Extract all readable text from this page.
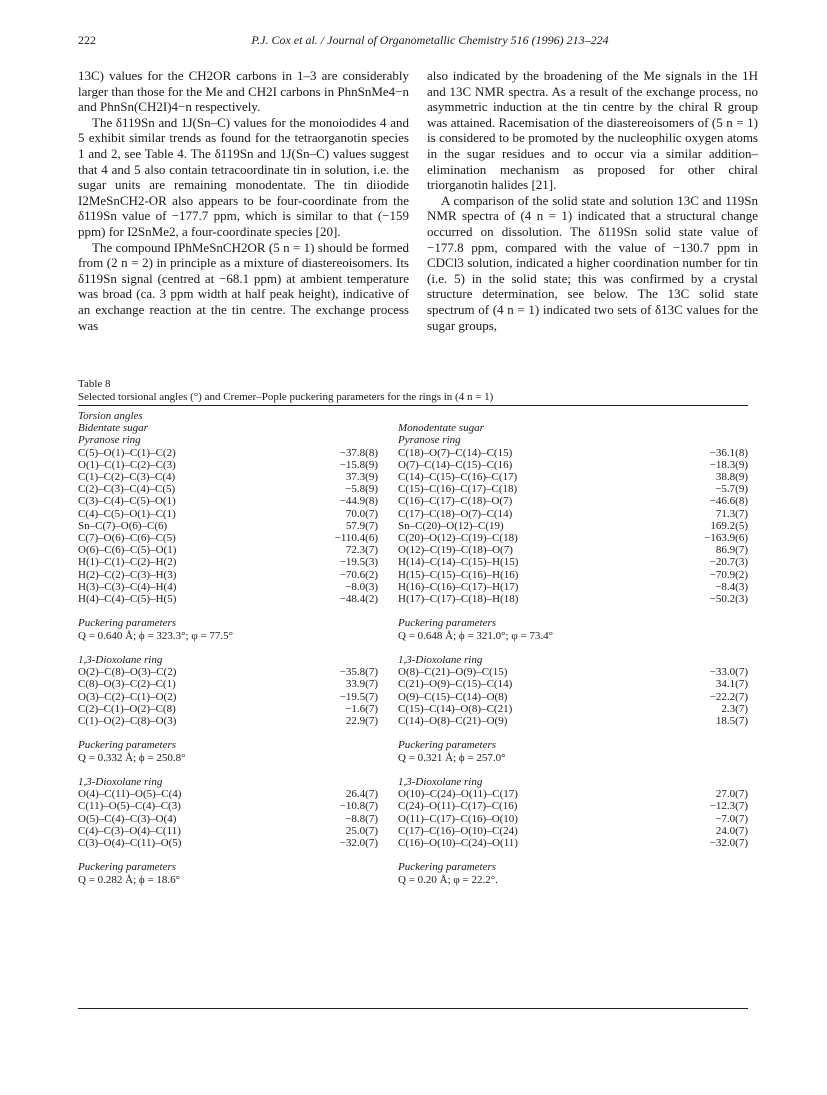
222	P.J. Cox et al. / Journal of Organometallic Chemistry 516 (1996) 213–224

13C) values for the CH2OR carbons in 1–3 are considerably larger than those for the Me and CH2I carbons in PhnSnMe4−n and PhnSn(CH2I)4−n respectively.

The δ119Sn and 1J(Sn–C) values for the monoiodides 4 and 5 exhibit similar trends as found for the tetraorganotin species 1 and 2, see Table 4. The δ119Sn and 1J(Sn–C) values suggest that 4 and 5 also contain tetracoordinate tin in solution, i.e. the sugar units are remaining monodentate. The tin diiodide I2MeSnCH2-OR also appears to be four-coordinate from the δ119Sn value of −177.7 ppm, which is similar to that (−159 ppm) for I2SnMe2, a four-coordinate species [20].

The compound IPhMeSnCH2OR (5 n = 1) should be formed from (2 n = 2) in principle as a mixture of diastereoisomers. Its δ119Sn signal (centred at −68.1 ppm) at ambient temperature was broad (ca. 3 ppm width at half peak height), indicative of an exchange reaction at the tin centre. The exchange process was

also indicated by the broadening of the Me signals in the 1H and 13C NMR spectra. As a result of the exchange process, no asymmetric induction at the tin centre by the chiral R group was attained. Racemisation of the diastereoisomers of (5 n = 1) is considered to be promoted by the nucleophilic oxygen atoms in the sugar residues and to occur via a similar addition–elimination mechanism as proposed for other chiral triorganotin halides [21].

A comparison of the solid state and solution 13C and 119Sn NMR spectra of (4 n = 1) indicated that a structural change occurred on dissolution. The δ119Sn solid state value of −177.8 ppm, compared with the value of −130.7 ppm in CDCl3 solution, indicated a higher coordination number for tin (i.e. 5) in the solid state; this was confirmed by a crystal structure determination, see below. The 13C solid state spectrum of (4 n = 1) indicated two sets of δ13C values for the sugar groups,

Table 8
Selected torsional angles (°) and Cremer–Pople puckering parameters for the rings in (4 n = 1)
Torsion angles
Bidentate sugar
Pyranose ring
C(5)–O(1)–C(1)–C(2)	−37.8(8)
O(1)–C(1)–C(2)–C(3)	−15.8(9)
C(1)–C(2)–C(3)–C(4)	37.3(9)
C(2)–C(3)–C(4)–C(5)	−5.8(9)
C(3)–C(4)–C(5)–O(1)	−44.9(8)
C(4)–C(5)–O(1)–C(1)	70.0(7)
Sn–C(7)–O(6)–C(6)	57.9(7)
C(7)–O(6)–C(6)–C(5)	−110.4(6)
O(6)–C(6)–C(5)–O(1)	72.3(7)
H(1)–C(1)–C(2)–H(2)	−19.5(3)
H(2)–C(2)–C(3)–H(3)	−70.6(2)
H(3)–C(3)–C(4)–H(4)	−8.0(3)
H(4)–C(4)–C(5)–H(5)	−48.4(2)
Puckering parameters
Q = 0.640 Å; ϕ = 323.3°; φ = 77.5°
1,3-Dioxolane ring
O(2)–C(8)–O(3)–C(2)	−35.8(7)
C(8)–O(3)–C(2)–C(1)	33.9(7)
O(3)–C(2)–C(1)–O(2)	−19.5(7)
C(2)–C(1)–O(2)–C(8)	−1.6(7)
C(1)–O(2)–C(8)–O(3)	22.9(7)
Puckering parameters
Q = 0.332 Å; ϕ = 250.8°
1,3-Dioxolane ring
O(4)–C(11)–O(5)–C(4)	26.4(7)
C(11)–O(5)–C(4)–C(3)	−10.8(7)
O(5)–C(4)–C(3)–O(4)	−8.8(7)
C(4)–C(3)–O(4)–C(11)	25.0(7)
C(3)–O(4)–C(11)–O(5)	−32.0(7)
Puckering parameters
Q = 0.282 Å; ϕ = 18.6°

Monodentate sugar
Pyranose ring
C(18)–O(7)–C(14)–C(15)	−36.1(8)
O(7)–C(14)–C(15)–C(16)	−18.3(9)
C(14)–C(15)–C(16)–C(17)	38.8(9)
C(15)–C(16)–C(17)–C(18)	−5.7(9)
C(16)–C(17)–C(18)–O(7)	−46.6(8)
C(17)–C(18)–O(7)–C(14)	71.3(7)
Sn–C(20)–O(12)–C(19)	169.2(5)
C(20)–O(12)–C(19)–C(18)	−163.9(6)
O(12)–C(19)–C(18)–O(7)	86.9(7)
H(14)–C(14)–C(15)–H(15)	−20.7(3)
H(15)–C(15)–C(16)–H(16)	−70.9(2)
H(16)–C(16)–C(17)–H(17)	−8.4(3)
H(17)–C(17)–C(18)–H(18)	−50.2(3)
Puckering parameters
Q = 0.648 Å; ϕ = 321.0°; φ = 73.4°
1,3-Dioxolane ring
O(8)–C(21)–O(9)–C(15)	−33.0(7)
C(21)–O(9)–C(15)–C(14)	34.1(7)
O(9)–C(15)–C(14)–O(8)	−22.2(7)
C(15)–C(14)–O(8)–C(21)	2.3(7)
C(14)–O(8)–C(21)–O(9)	18.5(7)
Puckering parameters
Q = 0.321 Å; ϕ = 257.0°
1,3-Dioxolane ring
O(10)–C(24)–O(11)–C(17)	27.0(7)
C(24)–O(11)–C(17)–C(16)	−12.3(7)
O(11)–C(17)–C(16)–O(10)	−7.0(7)
C(17)–C(16)–O(10)–C(24)	24.0(7)
C(16)–O(10)–C(24)–O(11)	−32.0(7)
Puckering parameters
Q = 0.20 Å; φ = 22.2°.
